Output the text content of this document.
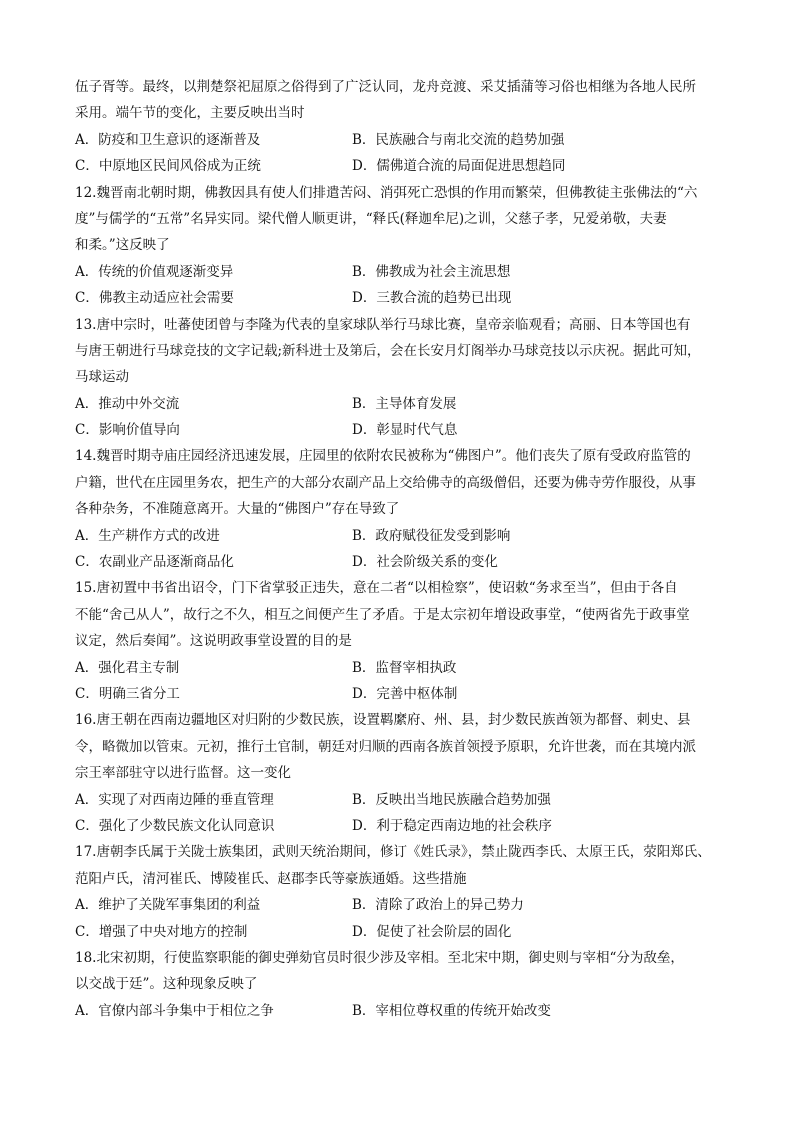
伍子胥等。最终，以荆楚祭祀屈原之俗得到了广泛认同，龙舟竞渡、采艾插蒲等习俗也相继为各地人民所
采用。端午节的变化，主要反映出当时
A．防疫和卫生意识的逐渐普及	B．民族融合与南北交流的趋势加强
C．中原地区民间风俗成为正统	D．儒佛道合流的局面促进思想趋同
12.魏晋南北朝时期，佛教因具有使人们排遣苦闷、消弭死亡恐惧的作用而繁荣，但佛教徒主张佛法的“六
度”与儒学的“五常”名异实同。梁代僧人顺更讲，“释氏(释迦牟尼)之训，父慈子孝，兄爱弟敬，夫妻
和柔。”这反映了
A．传统的价值观逐渐变异	B．佛教成为社会主流思想
C．佛教主动适应社会需要	D．三教合流的趋势已出现
13.唐中宗时，吐蕃使团曾与李隆为代表的皇家球队举行马球比赛，皇帝亲临观看；高丽、日本等国也有
与唐王朝进行马球竞技的文字记载;新科进士及第后，会在长安月灯阁举办马球竞技以示庆祝。据此可知，
马球运动
A．推动中外交流	B．主导体育发展
C．影响价值导向	D．彰显时代气息
14.魏晋时期寺庙庄园经济迅速发展，庄园里的依附农民被称为“佛图户”。他们丧失了原有受政府监管的
户籍，世代在庄园里务农，把生产的大部分农副产品上交给佛寺的高级僧侣，还要为佛寺劳作服役，从事
各种杂务，不准随意离开。大量的“佛图户”存在导致了
A．生产耕作方式的改进	B．政府赋役征发受到影响
C．农副业产品逐渐商品化	D．社会阶级关系的变化
15.唐初置中书省出诏令，门下省掌驳正违失，意在二者“以相检察”，使诏敕“务求至当”，但由于各自
不能“舍己从人”，故行之不久，相互之间便产生了矛盾。于是太宗初年增设政事堂，“使两省先于政事堂
议定，然后奏闻”。这说明政事堂设置的目的是
A．强化君主专制	B．监督宰相执政
C．明确三省分工	D．完善中枢体制
16.唐王朝在西南边疆地区对归附的少数民族，设置羁縻府、州、县，封少数民族酋领为都督、刺史、县
令，略微加以管束。元初，推行土官制，朝廷对归顺的西南各族首领授予原职，允许世袭，而在其境内派
宗王率部驻守以进行监督。这一变化
A．实现了对西南边陲的垂直管理	B．反映出当地民族融合趋势加强
C．强化了少数民族文化认同意识	D．利于稳定西南边地的社会秩序
17.唐朝李氏属于关陇士族集团，武则天统治期间，修订《姓氏录》，禁止陇西李氏、太原王氏，荥阳郑氏、
范阳卢氏，清河崔氏、博陵崔氏、赵郡李氏等豪族通婚。这些措施
A．维护了关陇军事集团的利益	B．清除了政治上的异己势力
C．增强了中央对地方的控制	D．促使了社会阶层的固化
18.北宋初期，行使监察职能的御史弹劾官员时很少涉及宰相。至北宋中期，御史则与宰相“分为敌垒，
以交战于廷”。这种现象反映了
A．官僚内部斗争集中于相位之争	B．宰相位尊权重的传统开始改变
